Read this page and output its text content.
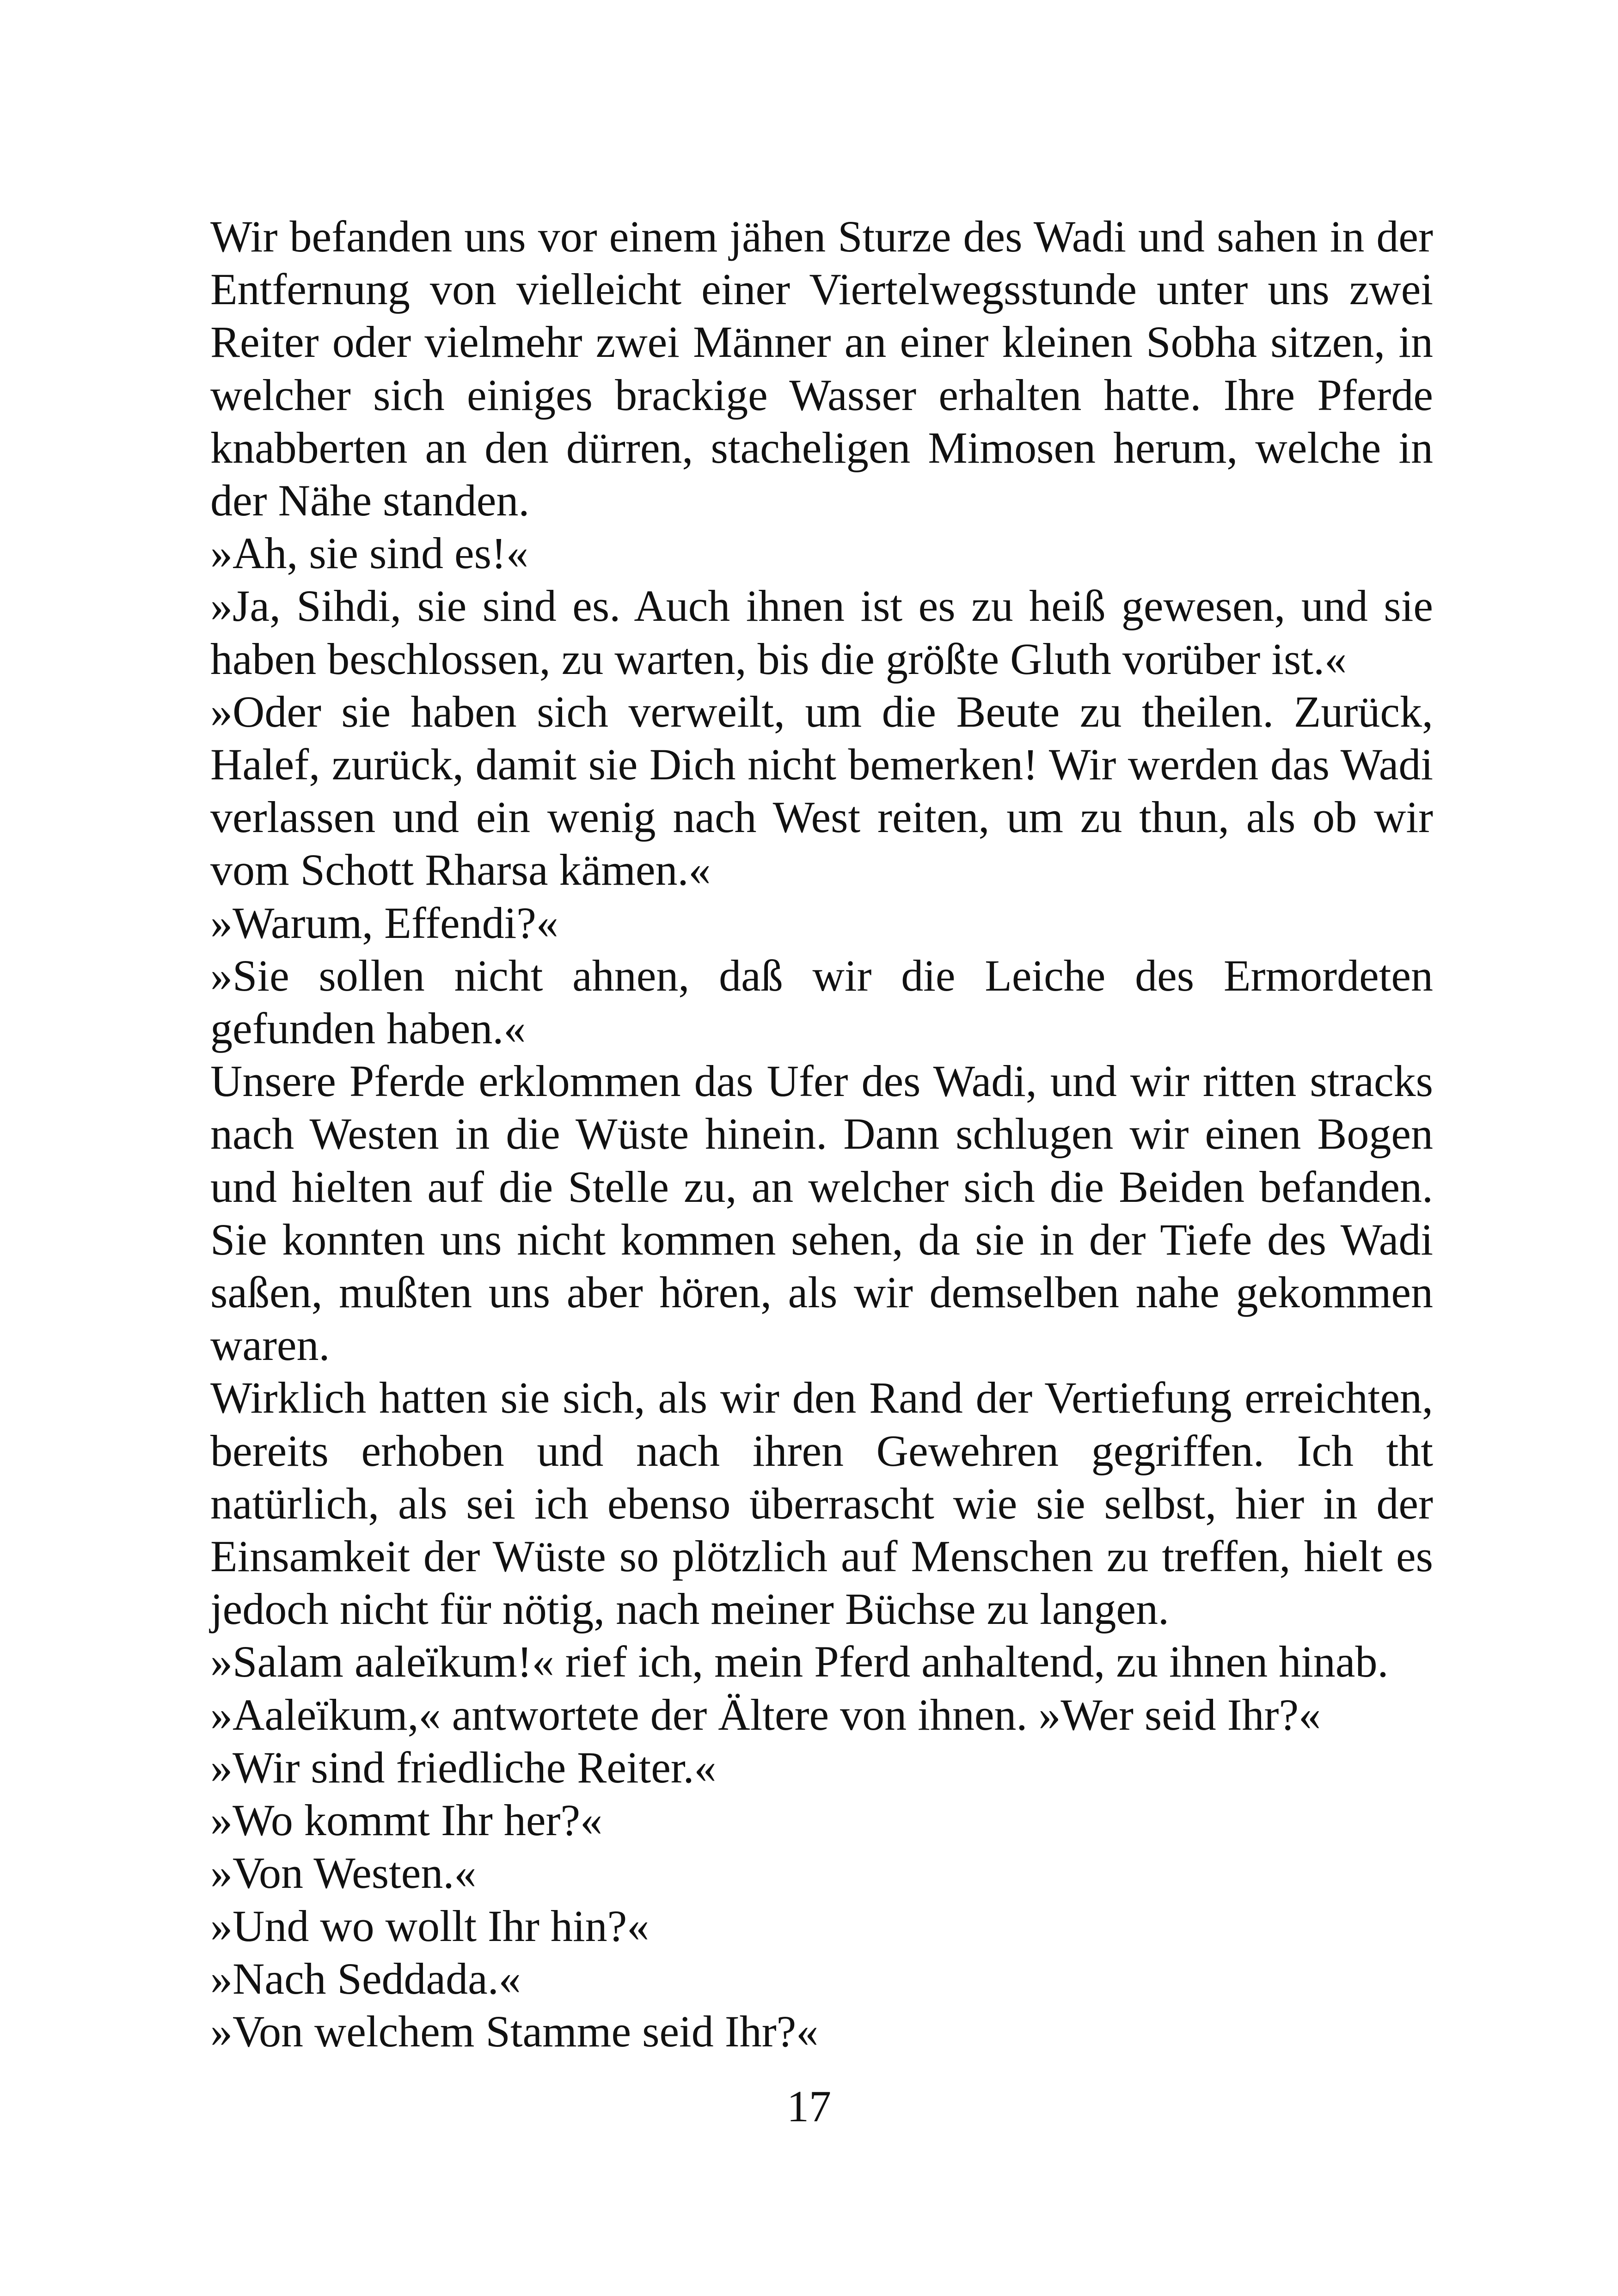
Wir befanden uns vor einem jähen Sturze des Wadi und sahen in der Entfernung von vielleicht einer Viertelwegsstunde unter uns zwei Reiter oder vielmehr zwei Männer an einer kleinen Sobha sitzen, in welcher sich einiges brackige Wasser erhalten hatte. Ihre Pferde knabberten an den dürren, stacheligen Mimosen herum, welche in der Nähe standen.

»Ah, sie sind es!«

»Ja, Sihdi, sie sind es. Auch ihnen ist es zu heiß gewesen, und sie haben beschlossen, zu warten, bis die größte Gluth vorüber ist.«

»Oder sie haben sich verweilt, um die Beute zu theilen. Zurück, Halef, zurück, damit sie Dich nicht bemerken! Wir werden das Wadi verlassen und ein wenig nach West reiten, um zu thun, als ob wir vom Schott Rharsa kämen.«

»Warum, Effendi?«

»Sie sollen nicht ahnen, daß wir die Leiche des Ermordeten gefunden haben.«

Unsere Pferde erklommen das Ufer des Wadi, und wir ritten stracks nach Westen in die Wüste hinein. Dann schlugen wir einen Bogen und hielten auf die Stelle zu, an welcher sich die Beiden befanden. Sie konnten uns nicht kommen sehen, da sie in der Tiefe des Wadi saßen, mußten uns aber hören, als wir demselben nahe gekommen waren.

Wirklich hatten sie sich, als wir den Rand der Vertiefung erreichten, bereits erhoben und nach ihren Gewehren gegriffen. Ich tht natürlich, als sei ich ebenso überrascht wie sie selbst, hier in der Einsamkeit der Wüste so plötzlich auf Menschen zu treffen, hielt es jedoch nicht für nötig, nach meiner Büchse zu langen.

»Salam aaleïkum!« rief ich, mein Pferd anhaltend, zu ihnen hinab.

»Aaleïkum,« antwortete der Ältere von ihnen. »Wer seid Ihr?«

»Wir sind friedliche Reiter.«

»Wo kommt Ihr her?«

»Von Westen.«

»Und wo wollt Ihr hin?«

»Nach Seddada.«

»Von welchem Stamme seid Ihr?«

17
